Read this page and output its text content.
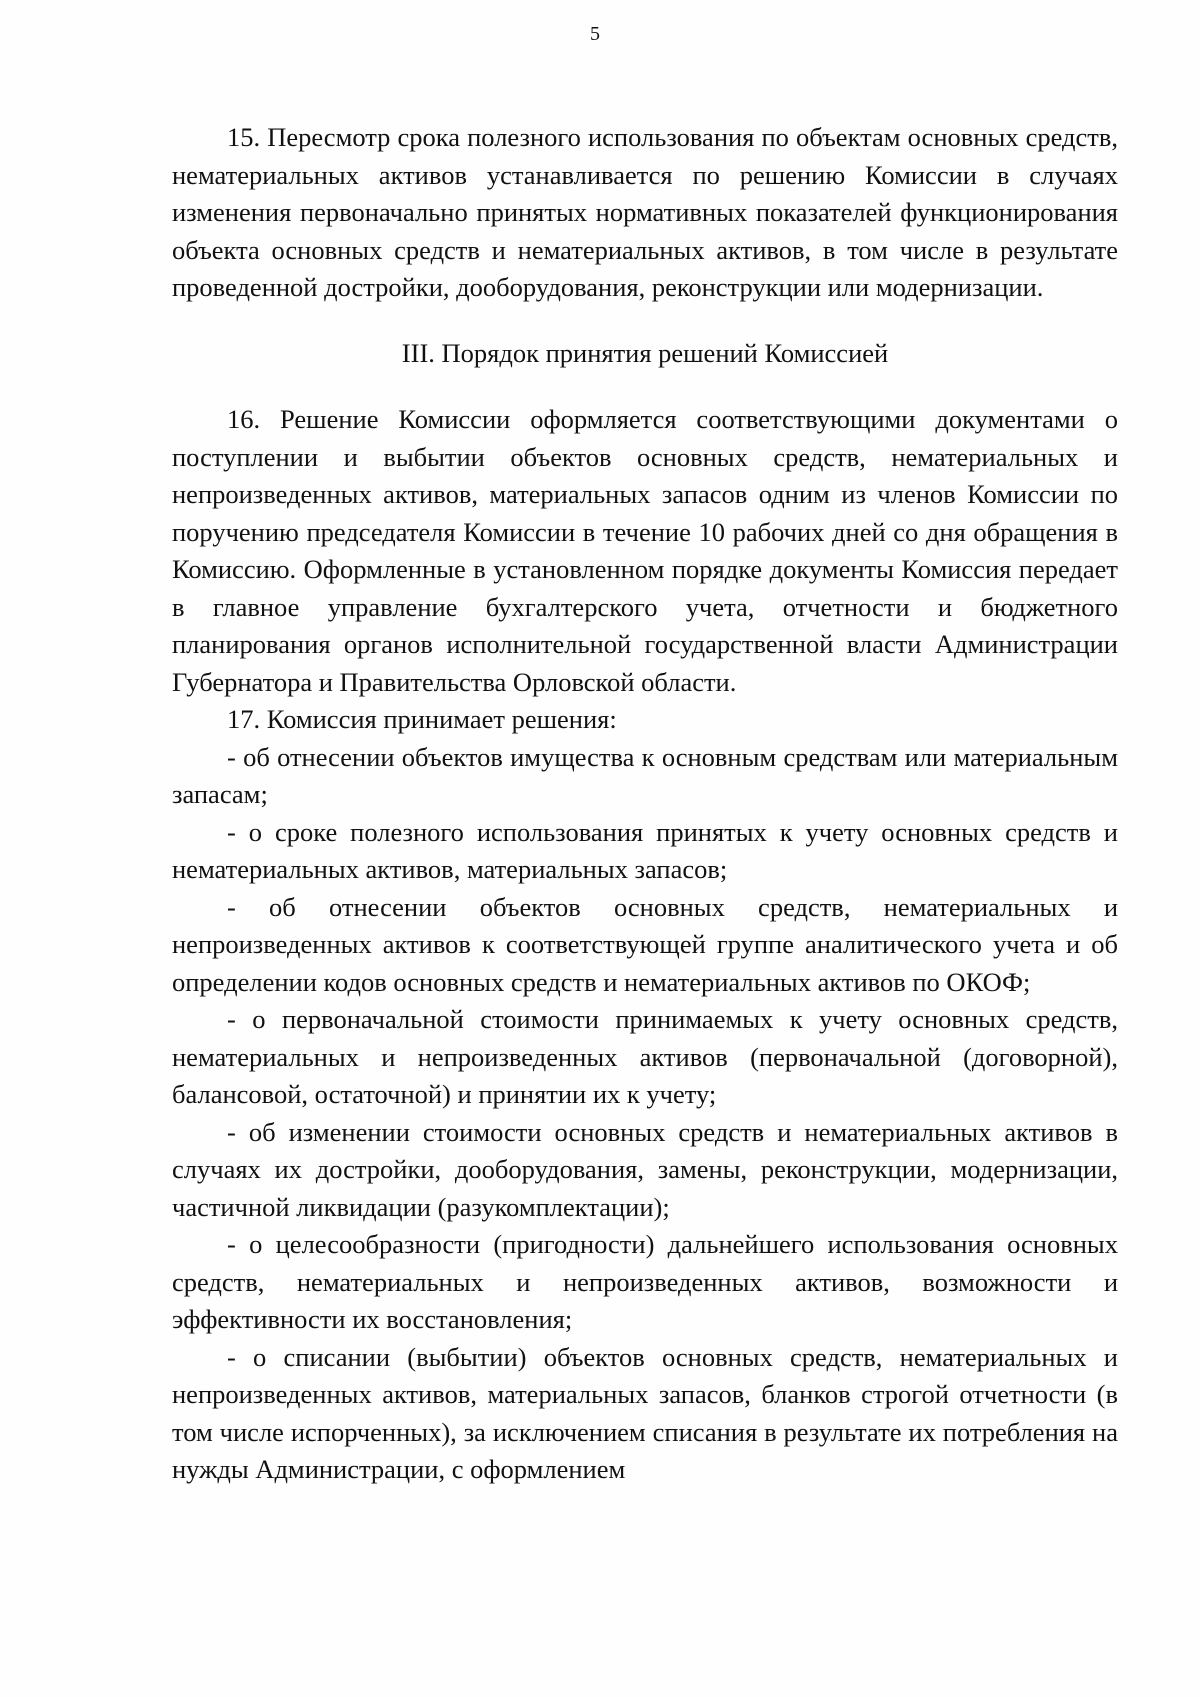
5

15. Пересмотр срока полезного использования по объектам основных средств, нематериальных активов устанавливается по решению Комиссии в случаях изменения первоначально принятых нормативных показателей функционирования объекта основных средств и нематериальных активов, в том числе в результате проведенной достройки, дооборудования, реконструкции или модернизации.

III. Порядок принятия решений Комиссией

16. Решение Комиссии оформляется соответствующими документами о поступлении и выбытии объектов основных средств, нематериальных и непроизведенных активов, материальных запасов одним из членов Комиссии по поручению председателя Комиссии в течение 10 рабочих дней со дня обращения в Комиссию. Оформленные в установленном порядке документы Комиссия передает в главное управление бухгалтерского учета, отчетности и бюджетного планирования органов исполнительной государственной власти Администрации Губернатора и Правительства Орловской области.

17. Комиссия принимает решения:

- об отнесении объектов имущества к основным средствам или материальным запасам;

- о сроке полезного использования принятых к учету основных средств и нематериальных активов, материальных запасов;

- об отнесении объектов основных средств, нематериальных и непроизведенных активов к соответствующей группе аналитического учета и об определении кодов основных средств и нематериальных активов по ОКОФ;

- о первоначальной стоимости принимаемых к учету основных средств, нематериальных и непроизведенных активов (первоначальной (договорной), балансовой, остаточной) и принятии их к учету;

- об изменении стоимости основных средств и нематериальных активов в случаях их достройки, дооборудования, замены, реконструкции, модернизации, частичной ликвидации (разукомплектации);

- о целесообразности (пригодности) дальнейшего использования основных средств, нематериальных и непроизведенных активов, возможности и эффективности их восстановления;

- о списании (выбытии) объектов основных средств, нематериальных и непроизведенных активов, материальных запасов, бланков строгой отчетности (в том числе испорченных), за исключением списания в результате их потребления на нужды Администрации, с оформлением
